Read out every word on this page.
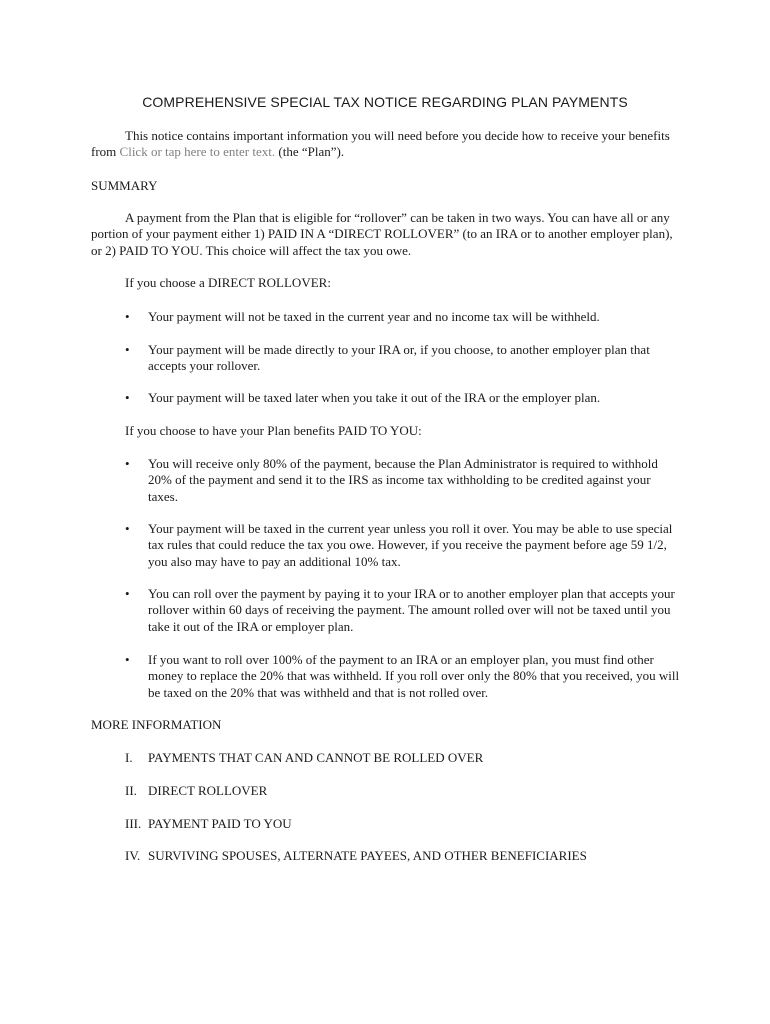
COMPREHENSIVE SPECIAL TAX NOTICE REGARDING PLAN PAYMENTS

This notice contains important information you will need before you decide how to receive your benefits from Click or tap here to enter text. (the “Plan”).

SUMMARY

A payment from the Plan that is eligible for “rollover” can be taken in two ways. You can have all or any portion of your payment either 1) PAID IN A “DIRECT ROLLOVER” (to an IRA or to another employer plan), or 2) PAID TO YOU. This choice will affect the tax you owe.

If you choose a DIRECT ROLLOVER:

•	Your payment will not be taxed in the current year and no income tax will be withheld.
•	Your payment will be made directly to your IRA or, if you choose, to another employer plan that accepts your rollover.
•	Your payment will be taxed later when you take it out of the IRA or the employer plan.

If you choose to have your Plan benefits PAID TO YOU:

•	You will receive only 80% of the payment, because the Plan Administrator is required to withhold 20% of the payment and send it to the IRS as income tax withholding to be credited against your taxes.
•	Your payment will be taxed in the current year unless you roll it over. You may be able to use special tax rules that could reduce the tax you owe. However, if you receive the payment before age 59 1/2, you also may have to pay an additional 10% tax.
•	You can roll over the payment by paying it to your IRA or to another employer plan that accepts your rollover within 60 days of receiving the payment. The amount rolled over will not be taxed until you take it out of the IRA or employer plan.
•	If you want to roll over 100% of the payment to an IRA or an employer plan, you must find other money to replace the 20% that was withheld. If you roll over only the 80% that you received, you will be taxed on the 20% that was withheld and that is not rolled over.

MORE INFORMATION

I. PAYMENTS THAT CAN AND CANNOT BE ROLLED OVER
II. DIRECT ROLLOVER
III. PAYMENT PAID TO YOU
IV. SURVIVING SPOUSES, ALTERNATE PAYEES, AND OTHER BENEFICIARIES
